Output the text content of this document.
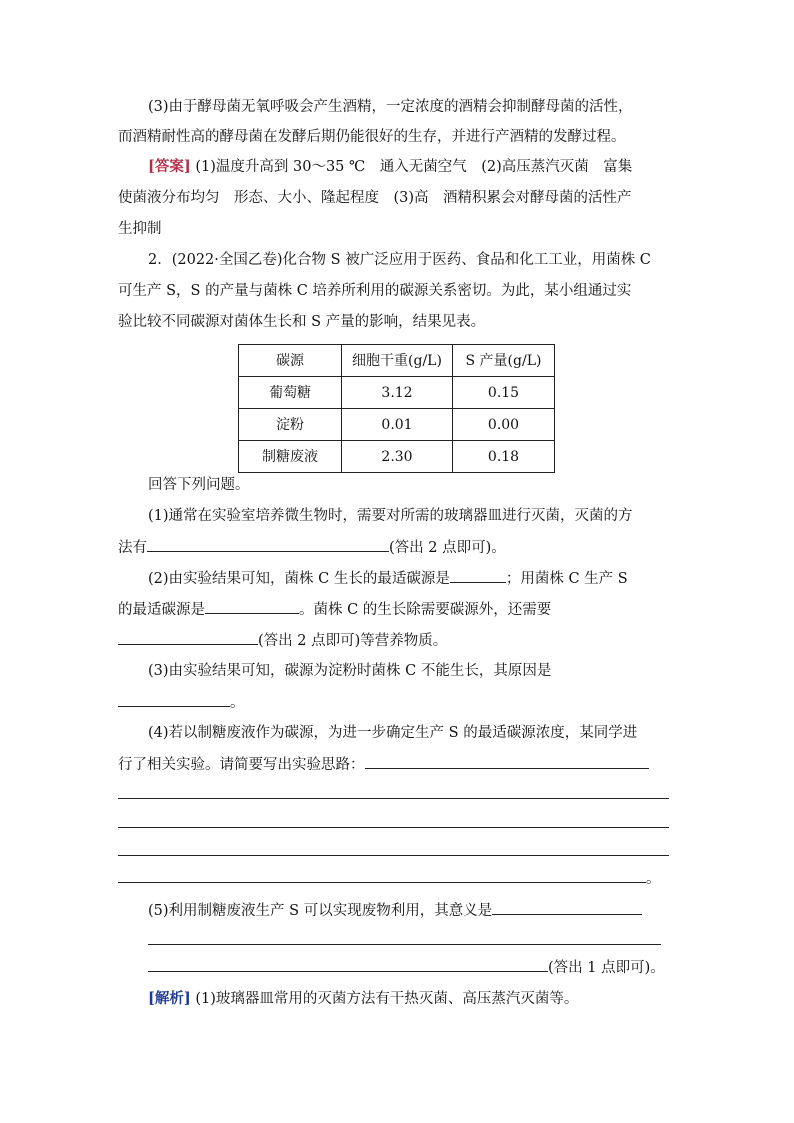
(3)由于酵母菌无氧呼吸会产生酒精，一定浓度的酒精会抑制酵母菌的活性，
而酒精耐性高的酵母菌在发酵后期仍能很好的生存，并进行产酒精的发酵过程。
[答案] (1)温度升高到 30～35 ℃　通入无菌空气　(2)高压蒸汽灭菌　富集
使菌液分布均匀　形态、大小、隆起程度　(3)高　酒精积累会对酵母菌的活性产
生抑制
2．(2022·全国乙卷)化合物 S 被广泛应用于医药、食品和化工工业，用菌株 C
可生产 S，S 的产量与菌株 C 培养所利用的碳源关系密切。为此，某小组通过实
验比较不同碳源对菌体生长和 S 产量的影响，结果见表。
碳源	细胞干重(g/L)	S 产量(g/L)
葡萄糖	3.12	0.15
淀粉	0.01	0.00
制糖废液	2.30	0.18
回答下列问题。
(1)通常在实验室培养微生物时，需要对所需的玻璃器皿进行灭菌，灭菌的方
法有	(答出 2 点即可)。
(2)由实验结果可知，菌株 C 生长的最适碳源是	；用菌株 C 生产 S
的最适碳源是	。菌株 C 的生长除需要碳源外，还需要
(答出 2 点即可)等营养物质。
(3)由实验结果可知，碳源为淀粉时菌株 C 不能生长，其原因是
。
(4)若以制糖废液作为碳源，为进一步确定生产 S 的最适碳源浓度，某同学进
行了相关实验。请简要写出实验思路：
。
(5)利用制糖废液生产 S 可以实现废物利用，其意义是
(答出 1 点即可)。
[解析] (1)玻璃器皿常用的灭菌方法有干热灭菌、高压蒸汽灭菌等。
